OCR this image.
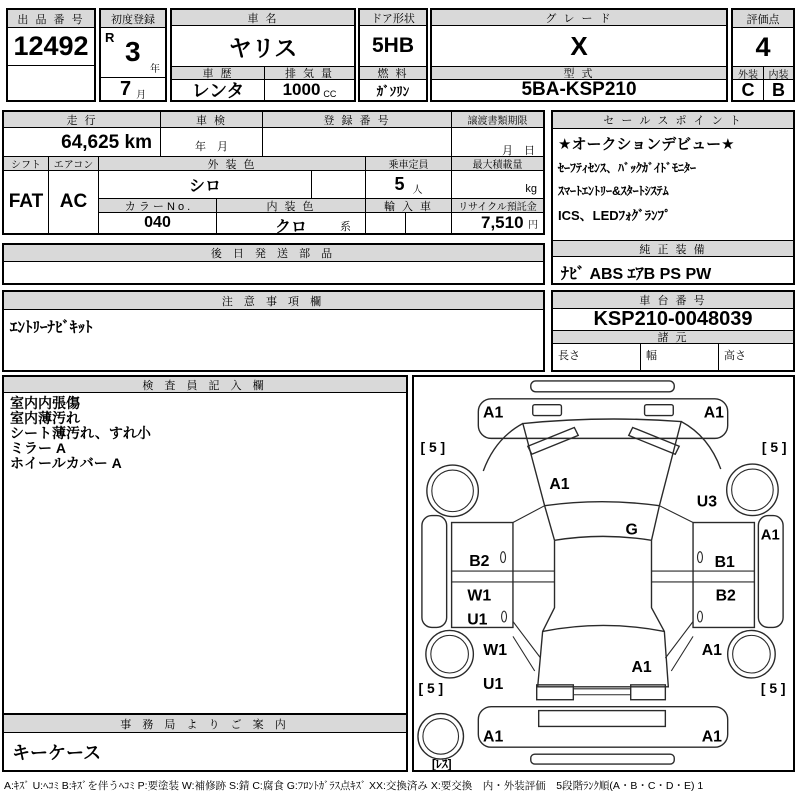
出 品 番 号
12492
初度登録
R 3
年
7 月
車 名
ヤリス
車 歴	排 気 量
レンタ	1000 CC
ドア形状
5HB
燃 料
ｶﾞｿﾘﾝ
グ レ ー ド
X
型 式
5BA-KSP210
評価点
4
外装	内装
C B
走 行	車 検	登 録 番 号	譲渡書類期限
64,625 km	年　月	月　日
シフト	エアコン	外 装 色	乗車定員	最大積載量
FAT AC
シロ	5 人	kg
カ ラ ー N o .	内 装 色	輸 入 車	リサイクル預託金
040	クロ	系	7,510 円
後 日 発 送 部 品
注 意 事 項 欄
ｴﾝﾄﾘｰﾅﾋﾞｷｯﾄ
セ ー ル ス ポ イ ン ト
★オークションデビュー★
ｾｰﾌﾃｨｾﾝｽ、ﾊﾞｯｸｶﾞｲﾄﾞﾓﾆﾀｰ
ｽﾏｰﾄｴﾝﾄﾘｰ&ｽﾀｰﾄｼｽﾃﾑ
ICS、LEDﾌｫｸﾞﾗﾝﾌﾟ
純 正 装 備
ﾅﾋﾞ ABS ｴｱB PS PW
車 台 番 号
KSP210-0048039
諸 元
長さ	幅	高さ
検 査 員 記 入 欄
室内内張傷
室内薄汚れ
シート薄汚れ、すれ小
ミラー A
ホイールカバー A
事 務 局 よ り ご 案 内
キーケース
A1	A1
[ 5 ]	[ 5 ]
A1
U3
G	A1
B2	B1
W1	B2
U1
W1	A1
A1
U1
[ 5 ]	[ 5 ]
A1	A1
[ﾚｽ]
A:ｷｽﾞ U:ﾍｺﾐ B:ｷｽﾞを伴うﾍｺﾐ P:要塗装 W:補修跡 S:錆 C:腐食 G:ﾌﾛﾝﾄｶﾞﾗｽ点ｷｽﾞ XX:交換済み X:要交換　内・外装評価　5段階ﾗﾝｸ順(A・B・C・D・E) 1
